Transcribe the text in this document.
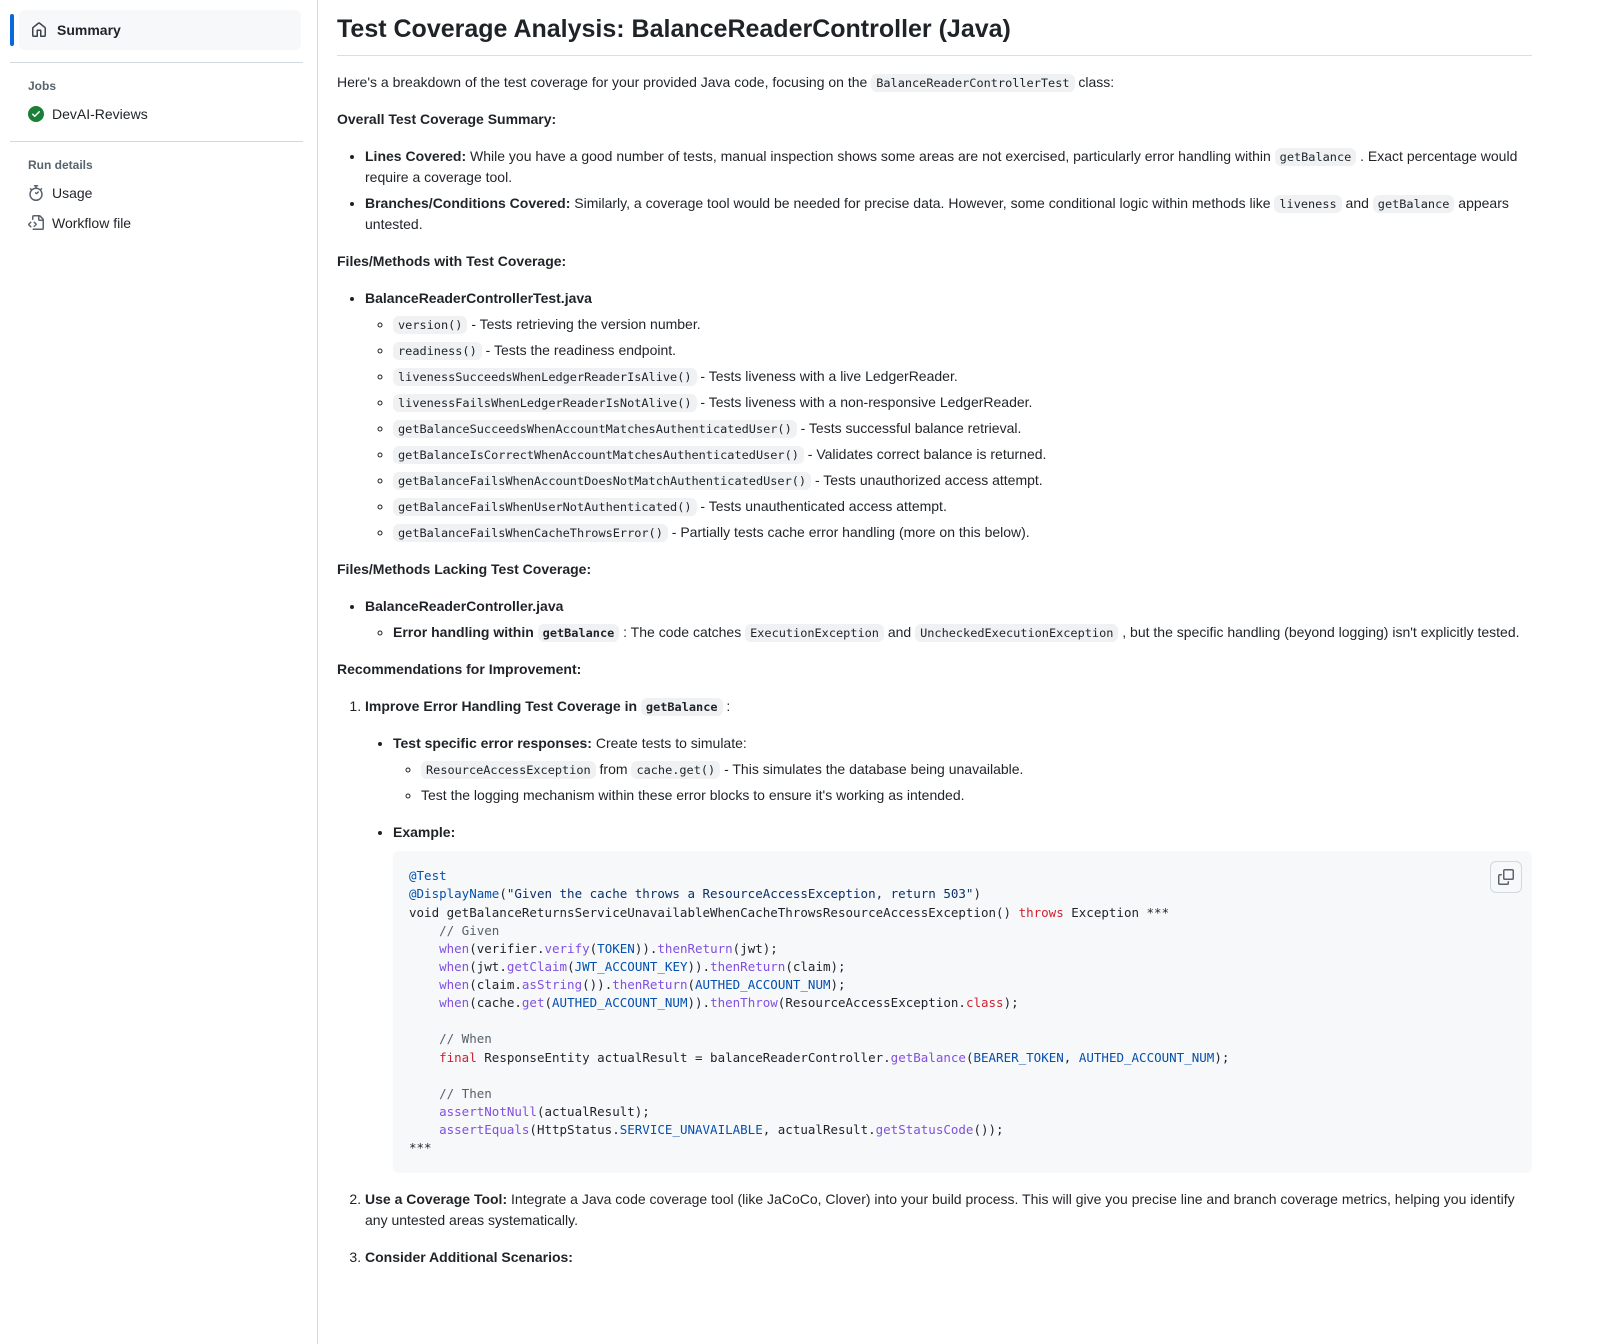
Summary
Jobs
DevAI-Reviews
Run details
Usage
Workflow file
Test Coverage Analysis: BalanceReaderController (Java)

Here's a breakdown of the test coverage for your provided Java code, focusing on the BalanceReaderControllerTest class:

Overall Test Coverage Summary:

• Lines Covered: While you have a good number of tests, manual inspection shows some areas are not exercised, particularly error handling within getBalance . Exact percentage would require a coverage tool.
• Branches/Conditions Covered: Similarly, a coverage tool would be needed for precise data. However, some conditional logic within methods like liveness and getBalance appears untested.

Files/Methods with Test Coverage:

• BalanceReaderControllerTest.java
◦ version() - Tests retrieving the version number.
◦ readiness() - Tests the readiness endpoint.
◦ livenessSucceedsWhenLedgerReaderIsAlive() - Tests liveness with a live LedgerReader.
◦ livenessFailsWhenLedgerReaderIsNotAlive() - Tests liveness with a non-responsive LedgerReader.
◦ getBalanceSucceedsWhenAccountMatchesAuthenticatedUser() - Tests successful balance retrieval.
◦ getBalanceIsCorrectWhenAccountMatchesAuthenticatedUser() - Validates correct balance is returned.
◦ getBalanceFailsWhenAccountDoesNotMatchAuthenticatedUser() - Tests unauthorized access attempt.
◦ getBalanceFailsWhenUserNotAuthenticated() - Tests unauthenticated access attempt.
◦ getBalanceFailsWhenCacheThrowsError() - Partially tests cache error handling (more on this below).

Files/Methods Lacking Test Coverage:

• BalanceReaderController.java
◦ Error handling within getBalance : The code catches ExecutionException and UncheckedExecutionException , but the specific handling (beyond logging) isn't explicitly tested.

Recommendations for Improvement:

1. Improve Error Handling Test Coverage in getBalance :

• Test specific error responses: Create tests to simulate:

◦ ResourceAccessException from cache.get() - This simulates the database being unavailable.
◦ Test the logging mechanism within these error blocks to ensure it's working as intended.

• Example:

@Test
@DisplayName("Given the cache throws a ResourceAccessException, return 503")
void getBalanceReturnsServiceUnavailableWhenCacheThrowsResourceAccessException() throws Exception ***
// Given
when(verifier.verify(TOKEN)).thenReturn(jwt);
when(jwt.getClaim(JWT_ACCOUNT_KEY)).thenReturn(claim);
when(claim.asString()).thenReturn(AUTHED_ACCOUNT_NUM);
when(cache.get(AUTHED_ACCOUNT_NUM)).thenThrow(ResourceAccessException.class);

// When
final ResponseEntity actualResult = balanceReaderController.getBalance(BEARER_TOKEN, AUTHED_ACCOUNT_NUM);

// Then
assertNotNull(actualResult);
assertEquals(HttpStatus.SERVICE_UNAVAILABLE, actualResult.getStatusCode());
***
2. Use a Coverage Tool: Integrate a Java code coverage tool (like JaCoCo, Clover) into your build process. This will give you precise line and branch coverage metrics, helping you identify any untested areas systematically.
3. Consider Additional Scenarios:
